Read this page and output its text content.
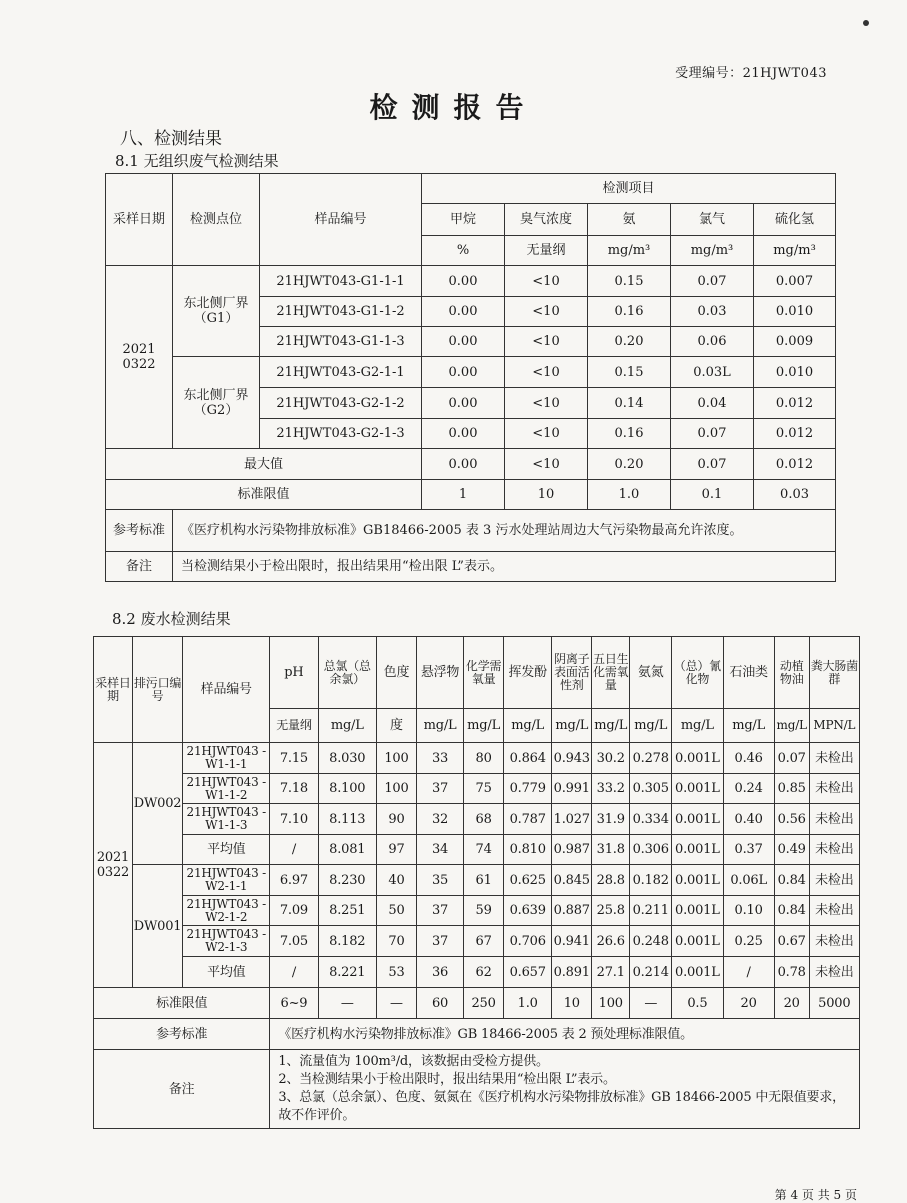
受理编号：21HJWT043
检测报告
八、检测结果
8.1 无组织废气检测结果
采样日期	检测点位	样品编号	检测项目				
			甲烷	臭气浓度	氨	氯气	硫化氢
			%	无量纲	mg/m³	mg/m³	mg/m³
2021 0322	东北侧厂界（G1）	21HJWT043-G1-1-1	0.00	<10	0.15	0.07	0.007
		21HJWT043-G1-1-2	0.00	<10	0.16	0.03	0.010
		21HJWT043-G1-1-3	0.00	<10	0.20	0.06	0.009
	东北侧厂界（G2）	21HJWT043-G2-1-1	0.00	<10	0.15	0.03L	0.010
		21HJWT043-G2-1-2	0.00	<10	0.14	0.04	0.012
		21HJWT043-G2-1-3	0.00	<10	0.16	0.07	0.012
最大值			0.00	<10	0.20	0.07	0.012
标准限值			1	10	1.0	0.1	0.03
参考标准	《医疗机构水污染物排放标准》GB18466-2005 表 3 污水处理站周边大气污染物最高允许浓度。						
备注	当检测结果小于检出限时，报出结果用“检出限 L”表示。						
8.2 废水检测结果
采样日期	排污口编号	样品编号	pH	总氯（总余氯）	色度	悬浮物	化学需氧量	挥发酚	阴离子表面活性剂	五日生化需氧量	氨氮	（总）氰化物	石油类	动植物油	粪大肠菌群
			无量纲	mg/L	度	mg/L	mg/L	mg/L	mg/L	mg/L	mg/L	mg/L	mg/L	mg/L	MPN/L
2021 0322	DW002	21HJWT043 -W1-1-1	7.15	8.030	100	33	80	0.864	0.943	30.2	0.278	0.001L	0.46	0.07	未检出
		21HJWT043 -W1-1-2	7.18	8.100	100	37	75	0.779	0.991	33.2	0.305	0.001L	0.24	0.85	未检出
		21HJWT043 -W1-1-3	7.10	8.113	90	32	68	0.787	1.027	31.9	0.334	0.001L	0.40	0.56	未检出
		平均值	/	8.081	97	34	74	0.810	0.987	31.8	0.306	0.001L	0.37	0.49	未检出
	DW001	21HJWT043 -W2-1-1	6.97	8.230	40	35	61	0.625	0.845	28.8	0.182	0.001L	0.06L	0.84	未检出
		21HJWT043 -W2-1-2	7.09	8.251	50	37	59	0.639	0.887	25.8	0.211	0.001L	0.10	0.84	未检出
		21HJWT043 -W2-1-3	7.05	8.182	70	37	67	0.706	0.941	26.6	0.248	0.001L	0.25	0.67	未检出
		平均值	/	8.221	53	36	62	0.657	0.891	27.1	0.214	0.001L	/	0.78	未检出
标准限值			6~9	—	—	60	250	1.0	10	100	—	0.5	20	20	5000
参考标准			《医疗机构水污染物排放标准》GB 18466-2005 表 2 预处理标准限值。												
备注			1、流量值为 100m³/d，该数据由受检方提供。
2、当检测结果小于检出限时，报出结果用“检出限 L”表示。
3、总氯（总余氯）、色度、氨氮在《医疗机构水污染物排放标准》GB 18466-2005 中无限值要求，故不作评价。												
第 4 页 共 5 页
